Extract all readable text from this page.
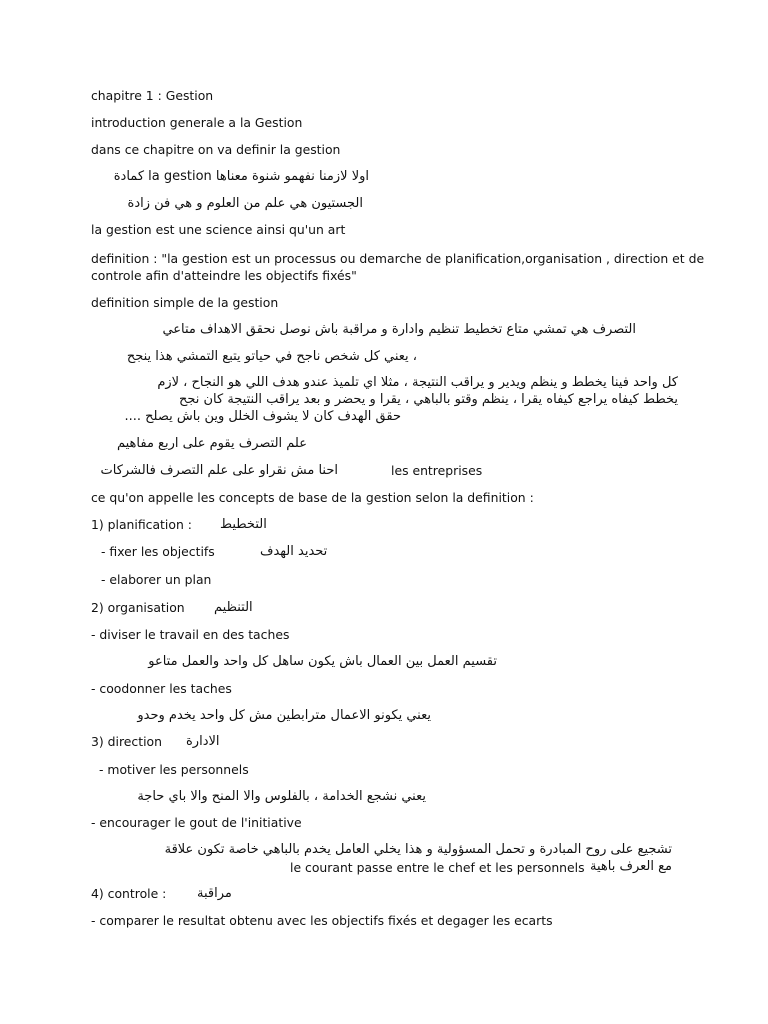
chapitre 1 : Gestion
introduction generale a la Gestion
dans ce chapitre on va definir la gestion
اولا لازمنا نفهمو شنوة معناها la gestion كمادة
الجستيون هي علم من العلوم و هي فن زادة
la gestion est une science ainsi qu'un art
definition : "la gestion est un processus ou demarche de planification,organisation , direction et de
controle afin d'atteindre les objectifs fixés"
definition simple de la gestion
التصرف هي تمشي متاع تخطيط تنظيم وادارة و مراقبة باش نوصل نحقق الاهداف متاعي
، يعني كل شخص ناجح في حياتو يتبع التمشي هذا ينجح
كل واحد فينا يخطط و ينظم ويدير و يراقب النتيجة ، مثلا اي تلميذ عندو هدف اللي هو النجاح ، لازم
يخطط كيفاه يراجع كيفاه يقرا ، ينظم وقتو بالباهي ، يقرا و يحضر و بعد يراقب النتيجة كان نجح
حقق الهدف كان لا يشوف الخلل وين باش يصلح ....
علم التصرف يقوم على اربع مفاهيم
احنا مش نقراو على علم التصرف فالشركات	les entreprises
ce qu'on appelle les concepts de base de la gestion selon la definition :
1) planification : التخطيط
- fixer les objectifs	تحديد الهدف
- elaborer un plan
2) organisation التنظيم
- diviser le travail en des taches
تقسيم العمل بين العمال باش يكون ساهل كل واحد والعمل متاعو
- coodonner les taches
يعني يكونو الاعمال مترابطين مش كل واحد يخدم وحدو
3) direction الادارة
- motiver les personnels
يعني نشجع الخدامة ، بالفلوس والا المنح والا باي حاجة
- encourager le gout de l'initiative
تشجيع على روح المبادرة و تحمل المسؤولية و هذا يخلي العامل يخدم بالباهي خاصة تكون علاقة
مع العرف باهية
le courant passe entre le chef et les personnels
4) controle : مراقبة
- comparer le resultat obtenu avec les objectifs fixés et degager les ecarts
